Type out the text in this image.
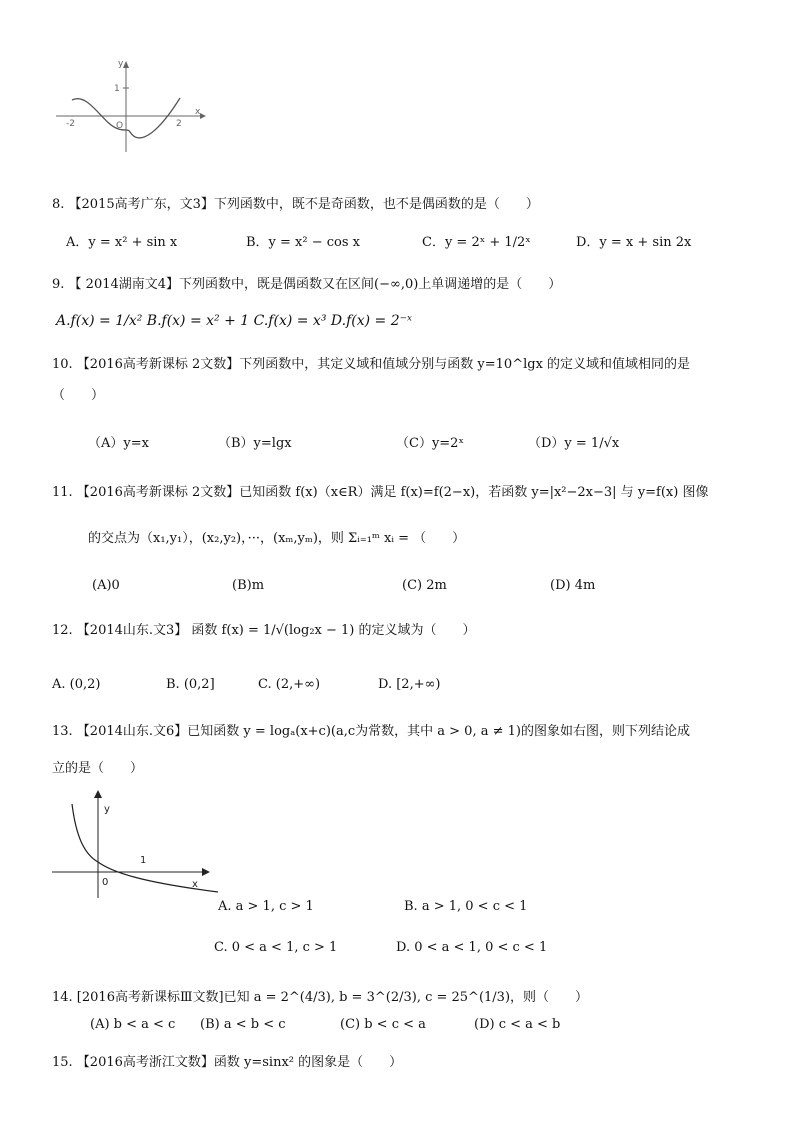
y
1
-2	O	2
x
8. 【2015高考广东，文3】下列函数中，既不是奇函数，也不是偶函数的是（　　）
A．y = x² + sin x	B．y = x² − cos x	C．y = 2ˣ + 1/2ˣ	D．y = x + sin 2x
9. 【 2014湖南文4】下列函数中，既是偶函数又在区间(−∞,0)上单调递增的是（　　）
A.f(x) = 1/x² B.f(x) = x² + 1 C.f(x) = x³ D.f(x) = 2⁻ˣ
10. 【2016高考新课标 2文数】下列函数中，其定义域和值域分别与函数 y=10^lgx 的定义域和值域相同的是
（　　）
（A）y=x	（B）y=lgx	（C）y=2ˣ	（D）y = 1/√x
11. 【2016高考新课标 2文数】已知函数 f(x)（x∈R）满足 f(x)=f(2−x)，若函数 y=|x²−2x−3| 与 y=f(x) 图像
的交点为（x₁,y₁），(x₂,y₂)，···，(xₘ,yₘ)，则 Σᵢ₌₁ᵐ xᵢ = （　　）
(A)0	(B)m	(C) 2m	(D) 4m
12. 【2014山东.文3】 函数 f(x) = 1/√(log₂x − 1) 的定义域为（　　）
A. (0,2)	B. (0,2]	C. (2,+∞)	D. [2,+∞)
13. 【2014山东.文6】已知函数 y = logₐ(x+c)(a,c为常数，其中 a > 0, a ≠ 1)的图象如右图，则下列结论成
立的是（　　）
y
1
0	x
A. a > 1, c > 1	B. a > 1, 0 < c < 1
C. 0 < a < 1, c > 1	D. 0 < a < 1, 0 < c < 1
14. [2016高考新课标Ⅲ文数]已知 a = 2^(4/3), b = 3^(2/3), c = 25^(1/3)，则（　　）
(A) b < a < c (B) a < b < c	(C) b < c < a	(D) c < a < b
15. 【2016高考浙江文数】函数 y=sinx² 的图象是（　　）
